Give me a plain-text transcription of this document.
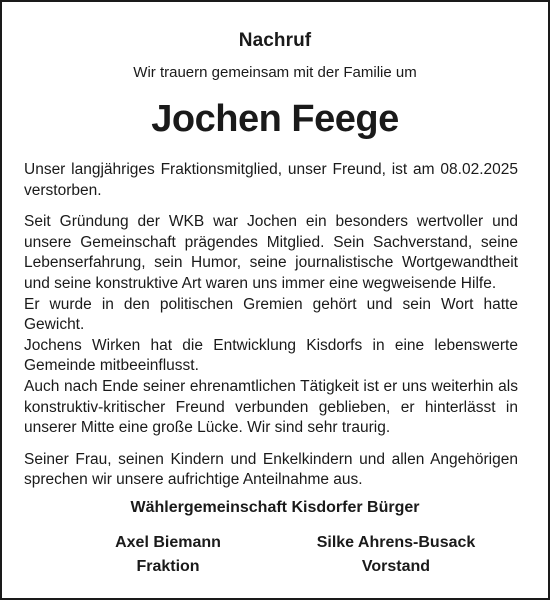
Nachruf
Wir trauern gemeinsam mit der Familie um
Jochen Feege

Unser langjähriges Fraktionsmitglied, unser Freund, ist am 08.02.2025 verstorben.

Seit Gründung der WKB war Jochen ein besonders wertvoller und unsere Gemeinschaft prägendes Mitglied. Sein Sachverstand, seine Lebenserfahrung, sein Humor, seine journalistische Wortgewandtheit und seine konstruktive Art waren uns immer eine wegweisende Hilfe.

Er wurde in den politischen Gremien gehört und sein Wort hatte Gewicht.

Jochens Wirken hat die Entwicklung Kisdorfs in eine lebenswerte Gemeinde mitbeeinflusst.

Auch nach Ende seiner ehrenamtlichen Tätigkeit ist er uns weiterhin als konstruktiv-kritischer Freund verbunden geblieben, er hinterlässt in unserer Mitte eine große Lücke. Wir sind sehr traurig.

Seiner Frau, seinen Kindern und Enkelkindern und allen Angehörigen sprechen wir unsere aufrichtige Anteilnahme aus.

Wählergemeinschaft Kisdorfer Bürger
Axel Biemann
Fraktion
Silke Ahrens-Busack
Vorstand
